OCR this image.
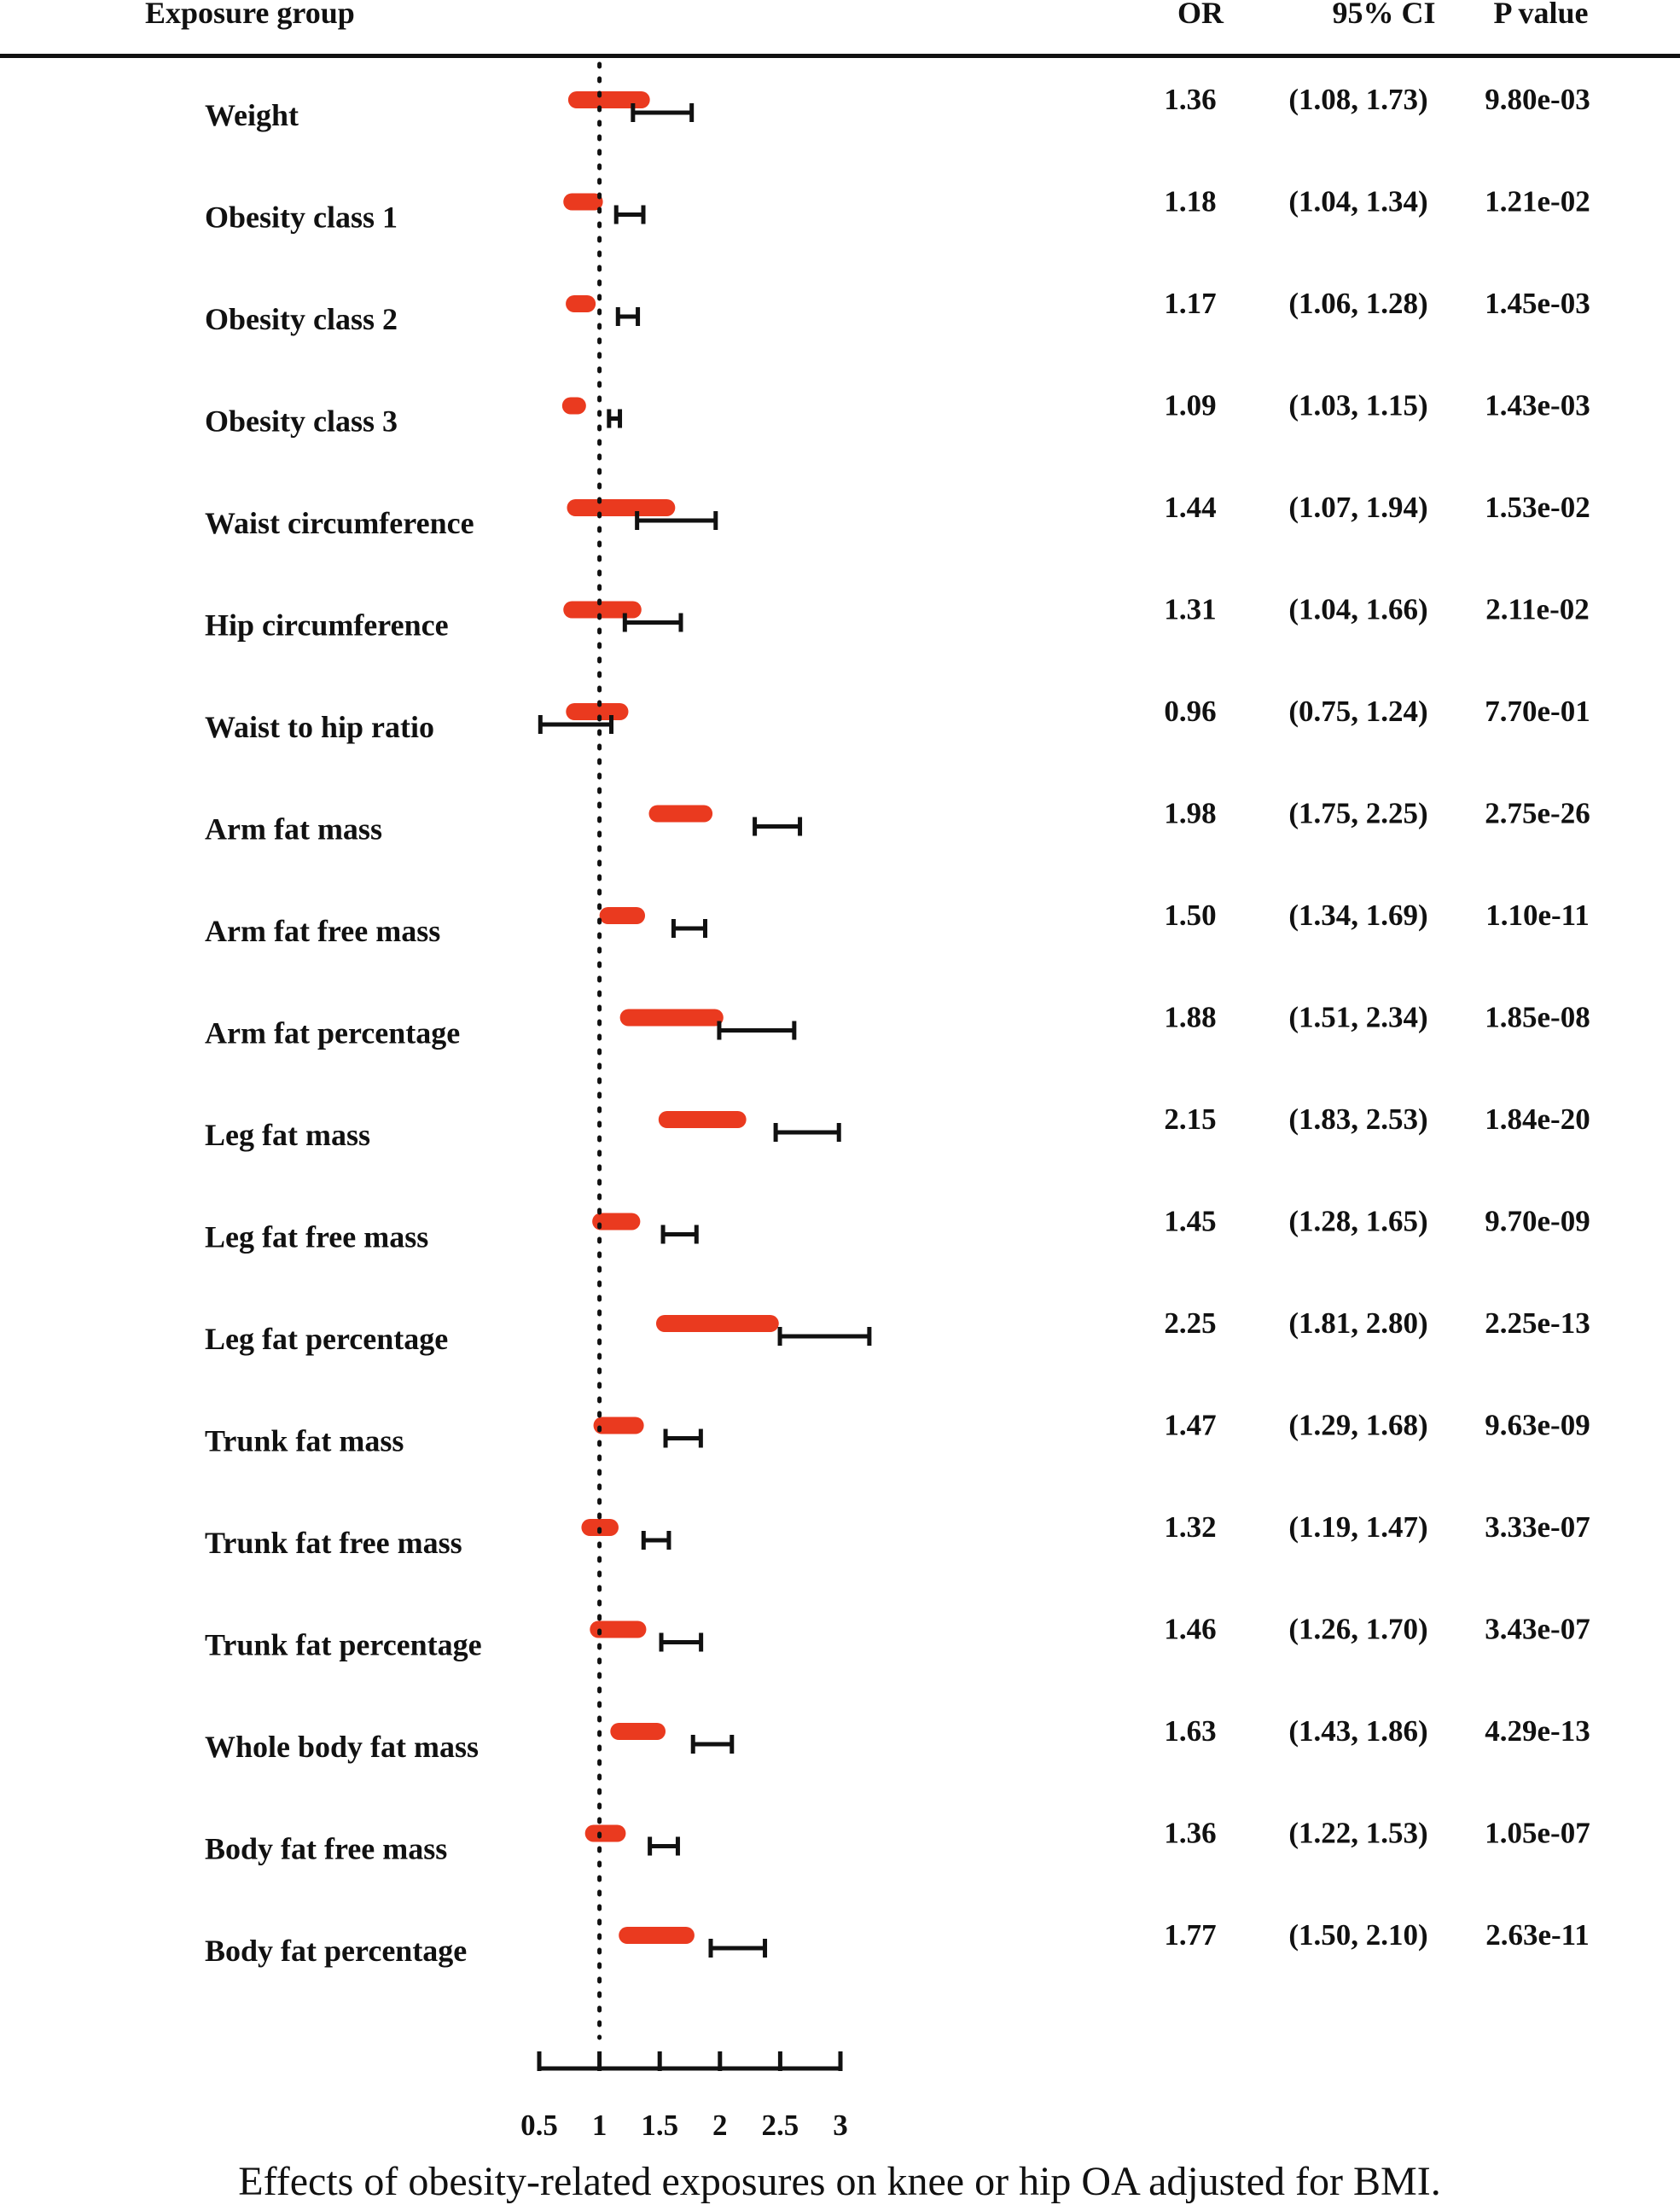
Exposure group	OR	95% CI P value
Weight	1.36 (1.08, 1.73) 9.80e-03
Obesity class 1	1.18 (1.04, 1.34) 1.21e-02
Obesity class 2	1.17 (1.06, 1.28) 1.45e-03
Obesity class 3	1.09 (1.03, 1.15) 1.43e-03
Waist circumference	1.44 (1.07, 1.94) 1.53e-02
Hip circumference	1.31 (1.04, 1.66) 2.11e-02
Waist to hip ratio	0.96 (0.75, 1.24) 7.70e-01
Arm fat mass	1.98 (1.75, 2.25) 2.75e-26
Arm fat free mass	1.50 (1.34, 1.69) 1.10e-11
Arm fat percentage	1.88 (1.51, 2.34) 1.85e-08
Leg fat mass	2.15 (1.83, 2.53) 1.84e-20
Leg fat free mass	1.45 (1.28, 1.65) 9.70e-09
Leg fat percentage	2.25 (1.81, 2.80) 2.25e-13
Trunk fat mass	1.47 (1.29, 1.68) 9.63e-09
Trunk fat free mass	1.32 (1.19, 1.47) 3.33e-07
Trunk fat percentage	1.46 (1.26, 1.70) 3.43e-07
Whole body fat mass	1.63 (1.43, 1.86) 4.29e-13
Body fat free mass	1.36 (1.22, 1.53) 1.05e-07
Body fat percentage	1.77 (1.50, 2.10) 2.63e-11
0.5 1 1.5 2 2.5 3
Effects of obesity-related exposures on knee or hip OA adjusted for BMI.
